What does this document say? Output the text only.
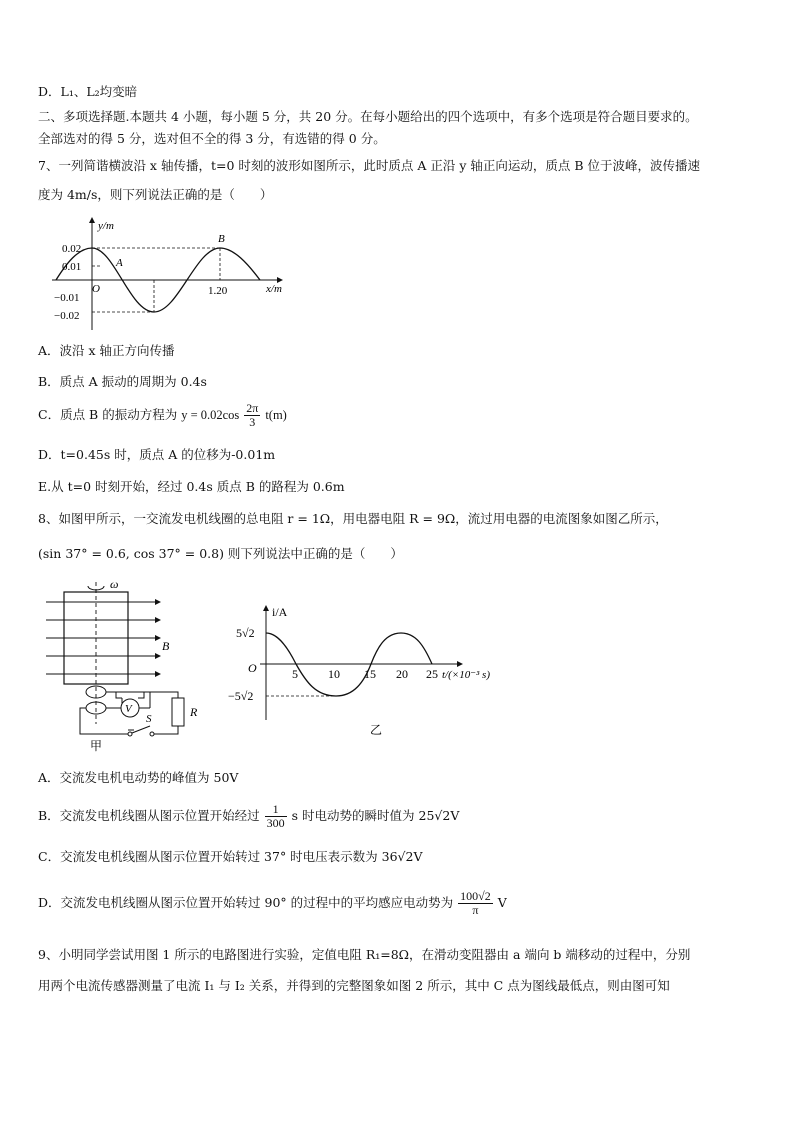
D．L₁、L₂均变暗
二、多项选择题.本题共 4 小题，每小题 5 分，共 20 分。在每小题给出的四个选项中，有多个选项是符合题目要求的。
全部选对的得 5 分，选对但不全的得 3 分，有选错的得 0 分。
7、一列简谐横波沿 x 轴传播，t=0 时刻的波形如图所示，此时质点 A 正沿 y 轴正向运动，质点 B 位于波峰，波传播速
度为 4m/s，则下列说法正确的是（　　）
y/m
x/m
0.02
0.01
−0.01
−0.02
1.20
O
A
B
A．波沿 x 轴正方向传播
B．质点 A 振动的周期为 0.4s
C．质点 B 的振动方程为 $y = 0.02\cos \frac{2\pi}{3} t(m)$
D．t=0.45s 时，质点 A 的位移为-0.01m
E.从 t=0 时刻开始，经过 0.4s 质点 B 的路程为 0.6m
8、如图甲所示，一交流发电机线圈的总电阻 r = 1Ω，用电器电阻 R = 9Ω，流过用电器的电流图象如图乙所示，
(sin 37° = 0.6, cos 37° = 0.8) 则下列说法中正确的是（　　）
ω
B
V	R
S
甲
i/A
5√2
−5√2
O	5	10 15 20 25 t/(×10⁻³ s)
乙
A．交流发电机电动势的峰值为 50V
B．交流发电机线圈从图示位置开始经过 $\frac{1}{300}$ s 时电动势的瞬时值为 25√2V
C．交流发电机线圈从图示位置开始转过 37° 时电压表示数为 36√2V
D．交流发电机线圈从图示位置开始转过 90° 的过程中的平均感应电动势为 $\frac{100√2}{\pi}$ V
9、小明同学尝试用图 1 所示的电路图进行实验，定值电阻 R₁=8Ω，在滑动变阻器由 a 端向 b 端移动的过程中，分别
用两个电流传感器测量了电流 I₁ 与 I₂ 关系，并得到的完整图象如图 2 所示，其中 C 点为图线最低点，则由图可知
